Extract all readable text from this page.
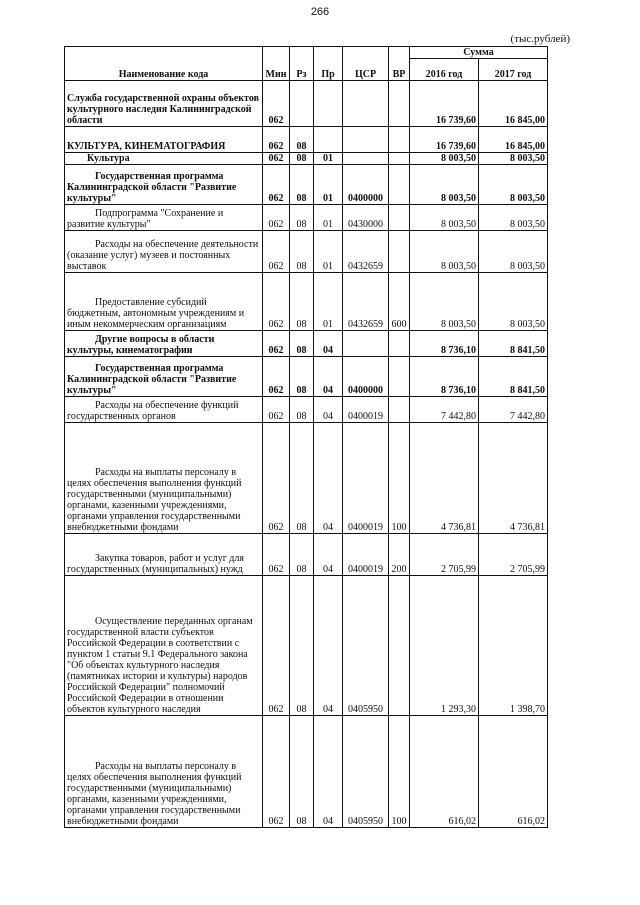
266
(тыс.рублей)
Наименование кода	Мин	Рз	Пр	ЦСР	ВР	Сумма	
						2016 год	2017 год
Служба государственной охраны объектов культурного наследия Калининградской области	062					16 739,60	16 845,00
КУЛЬТУРА, КИНЕМАТОГРАФИЯ	062	08				16 739,60	16 845,00
Культура	062	08	01			8 003,50	8 003,50
Государственная программа Калининградской области "Развитие культуры"	062	08	01	0400000		8 003,50	8 003,50
Подпрограмма "Сохранение и развитие культуры"	062	08	01	0430000		8 003,50	8 003,50
Расходы на обеспечение деятельности (оказание услуг) музеев и постоянных выставок	062	08	01	0432659		8 003,50	8 003,50
Предоставление субсидий бюджетным, автономным учреждениям и иным некоммерческим организациям	062	08	01	0432659	600	8 003,50	8 003,50
Другие вопросы в области культуры, кинематографии	062	08	04			8 736,10	8 841,50
Государственная программа Калининградской области "Развитие культуры"	062	08	04	0400000		8 736,10	8 841,50
Расходы на обеспечение функций государственных органов	062	08	04	0400019		7 442,80	7 442,80
Расходы на выплаты персоналу в целях обеспечения выполнения функций государственными (муниципальными) органами, казенными учреждениями, органами управления государственными внебюджетными фондами	062	08	04	0400019	100	4 736,81	4 736,81
Закупка товаров, работ и услуг для государственных (муниципальных) нужд	062	08	04	0400019	200	2 705,99	2 705,99
Осуществление переданных органам государственной власти субъектов Российской Федерации в соответствии с пунктом 1 статьи 9.1 Федерального закона "Об объектах культурного наследия (памятниках истории и культуры) народов Российской Федерации" полномочий Российской Федерации в отношении объектов культурного наследия	062	08	04	0405950		1 293,30	1 398,70
Расходы на выплаты персоналу в целях обеспечения выполнения функций государственными (муниципальными) органами, казенными учреждениями, органами управления государственными внебюджетными фондами	062	08	04	0405950	100	616,02	616,02
